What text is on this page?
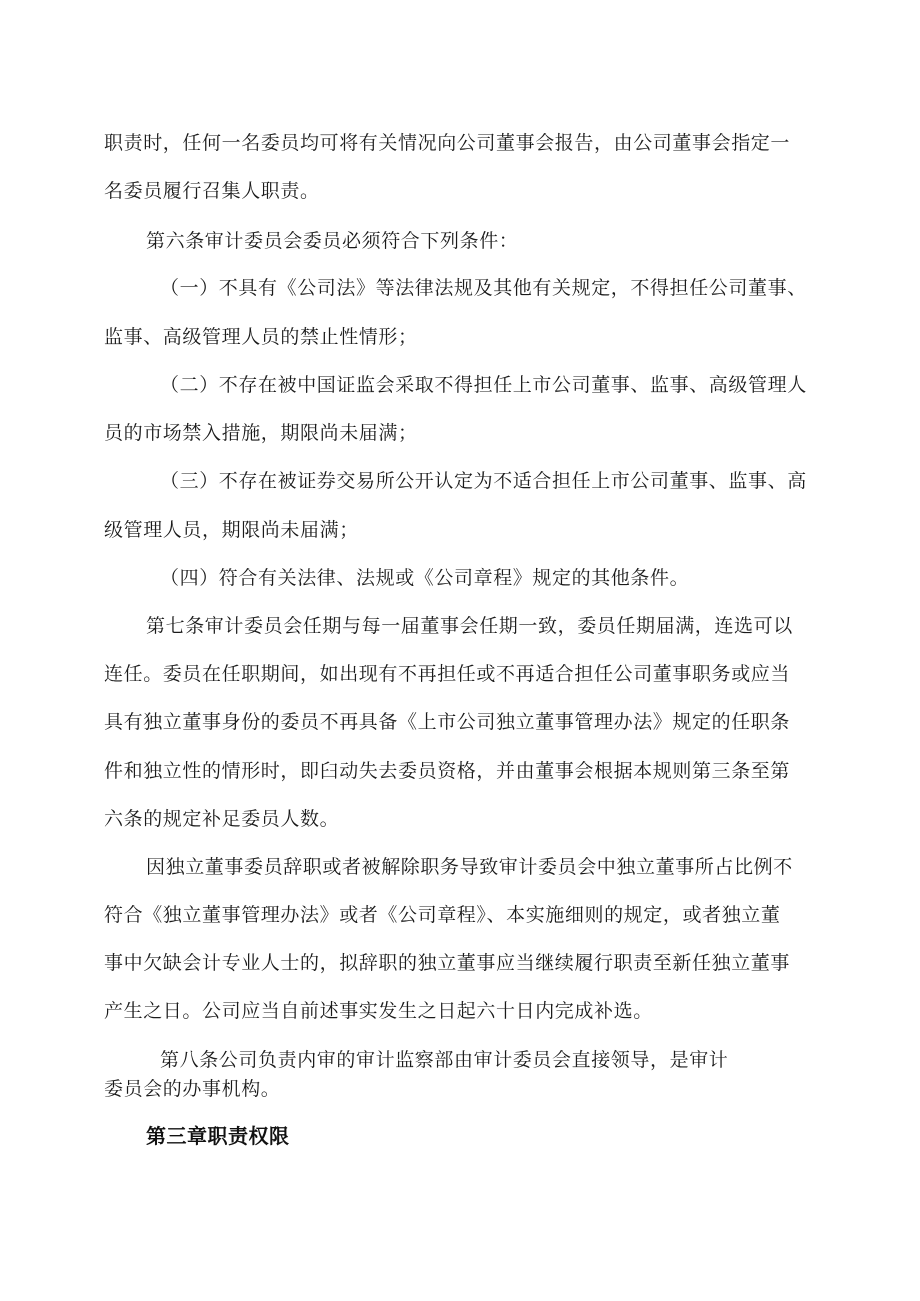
职责时，任何一名委员均可将有关情况向公司董事会报告，由公司董事会指定一
名委员履行召集人职责。
第六条审计委员会委员必须符合下列条件：
（一）不具有《公司法》等法律法规及其他有关规定，不得担任公司董事、
监事、高级管理人员的禁止性情形；
（二）不存在被中国证监会采取不得担任上市公司董事、监事、高级管理人
员的市场禁入措施，期限尚未届满；
（三）不存在被证券交易所公开认定为不适合担任上市公司董事、监事、高
级管理人员，期限尚未届满；
（四）符合有关法律、法规或《公司章程》规定的其他条件。
第七条审计委员会任期与每一届董事会任期一致，委员任期届满，连选可以
连任。委员在任职期间，如出现有不再担任或不再适合担任公司董事职务或应当
具有独立董事身份的委员不再具备《上市公司独立董事管理办法》规定的任职条
件和独立性的情形时，即臼动失去委员资格，并由董事会根据本规则第三条至第
六条的规定补足委员人数。
因独立董事委员辞职或者被解除职务导致审计委员会中独立董事所占比例不
符合《独立董事管理办法》或者《公司章程》、本实施细则的规定，或者独立董
事中欠缺会计专业人士的，拟辞职的独立董事应当继续履行职责至新任独立董事
产生之日。公司应当自前述事实发生之日起六十日内完成补选。
第八条公司负责内审的审计监察部由审计委员会直接领导，是审计
委员会的办事机构。
第三章职责权限
